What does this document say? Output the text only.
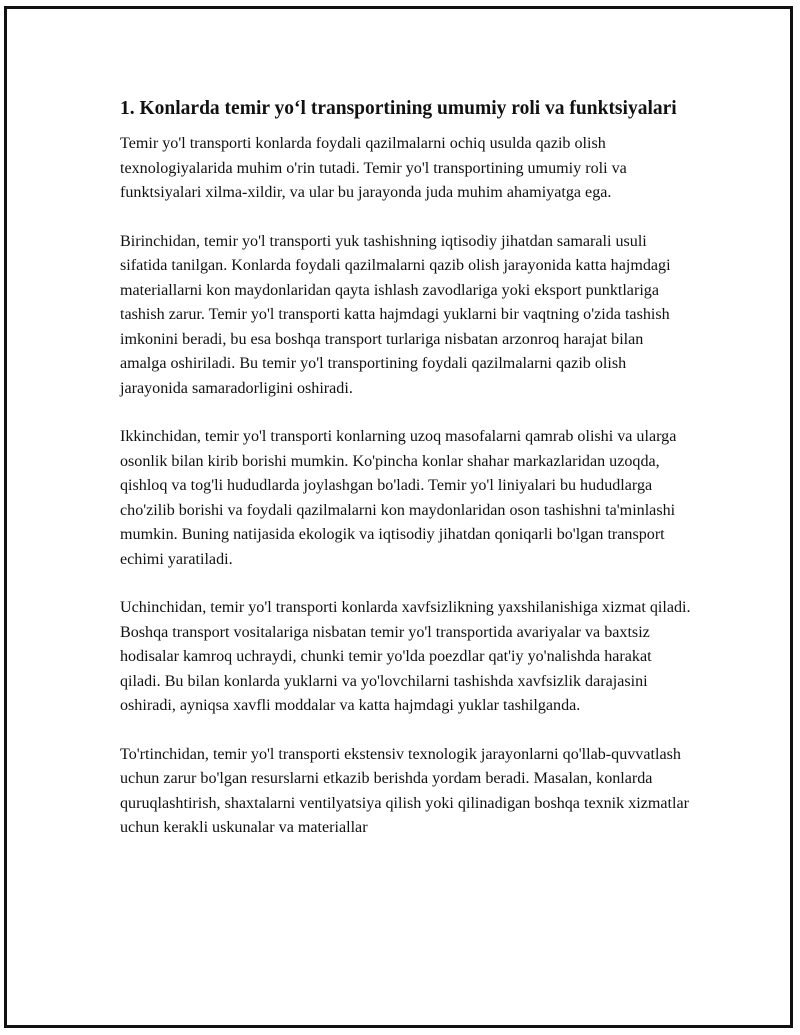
1. Konlarda temir yo‘l transportining umumiy roli va funktsiyalari

Temir yo'l transporti konlarda foydali qazilmalarni ochiq usulda qazib olish texnologiyalarida muhim o'rin tutadi. Temir yo'l transportining umumiy roli va funktsiyalari xilma-xildir, va ular bu jarayonda juda muhim ahamiyatga ega.

Birinchidan, temir yo'l transporti yuk tashishning iqtisodiy jihatdan samarali usuli sifatida tanilgan. Konlarda foydali qazilmalarni qazib olish jarayonida katta hajmdagi materiallarni kon maydonlaridan qayta ishlash zavodlariga yoki eksport punktlariga tashish zarur. Temir yo'l transporti katta hajmdagi yuklarni bir vaqtning o'zida tashish imkonini beradi, bu esa boshqa transport turlariga nisbatan arzonroq harajat bilan amalga oshiriladi. Bu temir yo'l transportining foydali qazilmalarni qazib olish jarayonida samaradorligini oshiradi.

Ikkinchidan, temir yo'l transporti konlarning uzoq masofalarni qamrab olishi va ularga osonlik bilan kirib borishi mumkin. Ko'pincha konlar shahar markazlaridan uzoqda, qishloq va tog'li hududlarda joylashgan bo'ladi. Temir yo'l liniyalari bu hududlarga cho'zilib borishi va foydali qazilmalarni kon maydonlaridan oson tashishni ta'minlashi mumkin. Buning natijasida ekologik va iqtisodiy jihatdan qoniqarli bo'lgan transport echimi yaratiladi.

Uchinchidan, temir yo'l transporti konlarda xavfsizlikning yaxshilanishiga xizmat qiladi. Boshqa transport vositalariga nisbatan temir yo'l transportida avariyalar va baxtsiz hodisalar kamroq uchraydi, chunki temir yo'lda poezdlar qat'iy yo'nalishda harakat qiladi. Bu bilan konlarda yuklarni va yo'lovchilarni tashishda xavfsizlik darajasini oshiradi, ayniqsa xavfli moddalar va katta hajmdagi yuklar tashilganda.

To'rtinchidan, temir yo'l transporti ekstensiv texnologik jarayonlarni qo'llab-quvvatlash uchun zarur bo'lgan resurslarni etkazib berishda yordam beradi. Masalan, konlarda quruqlashtirish, shaxtalarni ventilyatsiya qilish yoki qilinadigan boshqa texnik xizmatlar uchun kerakli uskunalar va materiallar
